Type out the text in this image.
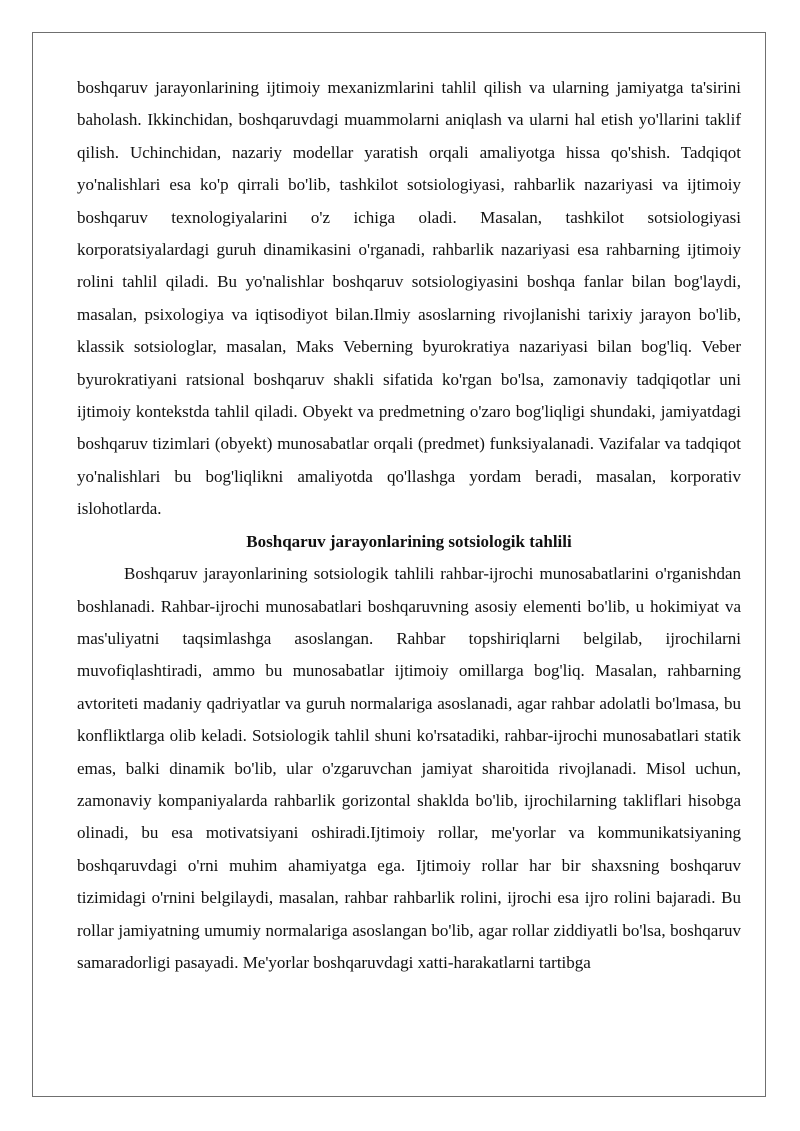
boshqaruv jarayonlarining ijtimoiy mexanizmlarini tahlil qilish va ularning jamiyatga ta'sirini baholash. Ikkinchidan, boshqaruvdagi muammolarni aniqlash va ularni hal etish yo'llarini taklif qilish. Uchinchidan, nazariy modellar yaratish orqali amaliyotga hissa qo'shish. Tadqiqot yo'nalishlari esa ko'p qirrali bo'lib, tashkilot sotsiologiyasi, rahbarlik nazariyasi va ijtimoiy boshqaruv texnologiyalarini o'z ichiga oladi. Masalan, tashkilot sotsiologiyasi korporatsiyalardagi guruh dinamikasini o'rganadi, rahbarlik nazariyasi esa rahbarning ijtimoiy rolini tahlil qiladi. Bu yo'nalishlar boshqaruv sotsiologiyasini boshqa fanlar bilan bog'laydi, masalan, psixologiya va iqtisodiyot bilan.Ilmiy asoslarning rivojlanishi tarixiy jarayon bo'lib, klassik sotsiologlar, masalan, Maks Veberning byurokratiya nazariyasi bilan bog'liq. Veber byurokratiyani ratsional boshqaruv shakli sifatida ko'rgan bo'lsa, zamonaviy tadqiqotlar uni ijtimoiy kontekstda tahlil qiladi. Obyekt va predmetning o'zaro bog'liqligi shundaki, jamiyatdagi boshqaruv tizimlari (obyekt) munosabatlar orqali (predmet) funksiyalanadi. Vazifalar va tadqiqot yo'nalishlari bu bog'liqlikni amaliyotda qo'llashga yordam beradi, masalan, korporativ islohotlarda.

Boshqaruv jarayonlarining sotsiologik tahlili

Boshqaruv jarayonlarining sotsiologik tahlili rahbar-ijrochi munosabatlarini o'rganishdan boshlanadi. Rahbar-ijrochi munosabatlari boshqaruvning asosiy elementi bo'lib, u hokimiyat va mas'uliyatni taqsimlashga asoslangan. Rahbar topshiriqlarni belgilab, ijrochilarni muvofiqlashtiradi, ammo bu munosabatlar ijtimoiy omillarga bog'liq. Masalan, rahbarning avtoriteti madaniy qadriyatlar va guruh normalariga asoslanadi, agar rahbar adolatli bo'lmasa, bu konfliktlarga olib keladi. Sotsiologik tahlil shuni ko'rsatadiki, rahbar-ijrochi munosabatlari statik emas, balki dinamik bo'lib, ular o'zgaruvchan jamiyat sharoitida rivojlanadi. Misol uchun, zamonaviy kompaniyalarda rahbarlik gorizontal shaklda bo'lib, ijrochilarning takliflari hisobga olinadi, bu esa motivatsiyani oshiradi.Ijtimoiy rollar, me'yorlar va kommunikatsiyaning boshqaruvdagi o'rni muhim ahamiyatga ega. Ijtimoiy rollar har bir shaxsning boshqaruv tizimidagi o'rnini belgilaydi, masalan, rahbar rahbarlik rolini, ijrochi esa ijro rolini bajaradi. Bu rollar jamiyatning umumiy normalariga asoslangan bo'lib, agar rollar ziddiyatli bo'lsa, boshqaruv samaradorligi pasayadi. Me'yorlar boshqaruvdagi xatti-harakatlarni tartibga
